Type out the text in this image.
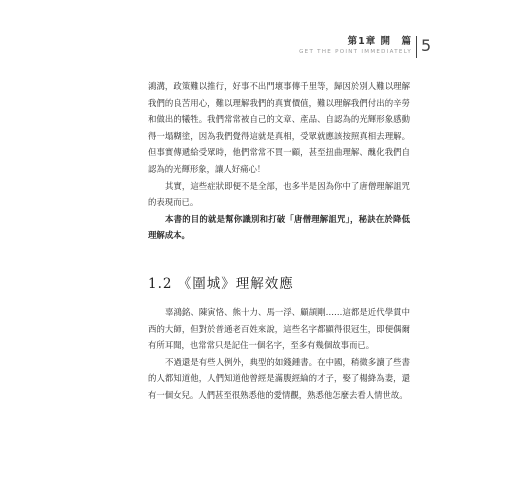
第1章 開　篇
GET THE POINT IMMEDIATELY 5

鴻溝，政策難以推行，好事不出門壞事傳千里等，歸因於別人難以理解我們的良苦用心，難以理解我們的真實價值，難以理解我們付出的辛勞和做出的犧牲。我們常常被自己的文章、產品、自認為的光輝形象感動得一塌糊塗，因為我們覺得這就是真相，受眾就應該按照真相去理解。但事實傳遞給受眾時，他們常常不買一顧，甚至扭曲理解、醜化我們自認為的光輝形象，讓人好痛心！

其實，這些症狀即便不是全部，也多半是因為你中了唐僧理解詛咒的表現而已。

本書的目的就是幫你識別和打破「唐僧理解詛咒」，秘訣在於降低理解成本。

1.2 《圍城》理解效應

辜鴻銘、陳寅恪、熊十力、馬一浮、顧頡剛……這都是近代學貫中西的大師，但對於普通老百姓來說，這些名字都顯得很冠生，即便偶爾有所耳聞，也常常只是記住一個名字，至多有幾個故事而已。

不過還是有些人例外，典型的如錢鍾書。在中國，稍微多讀了些書的人都知道他，人們知道他曾經是滿腹經綸的才子，娶了楊絳為妻，還有一個女兒。人們甚至很熟悉他的愛情觀，熟悉他怎麼去看人情世故。
